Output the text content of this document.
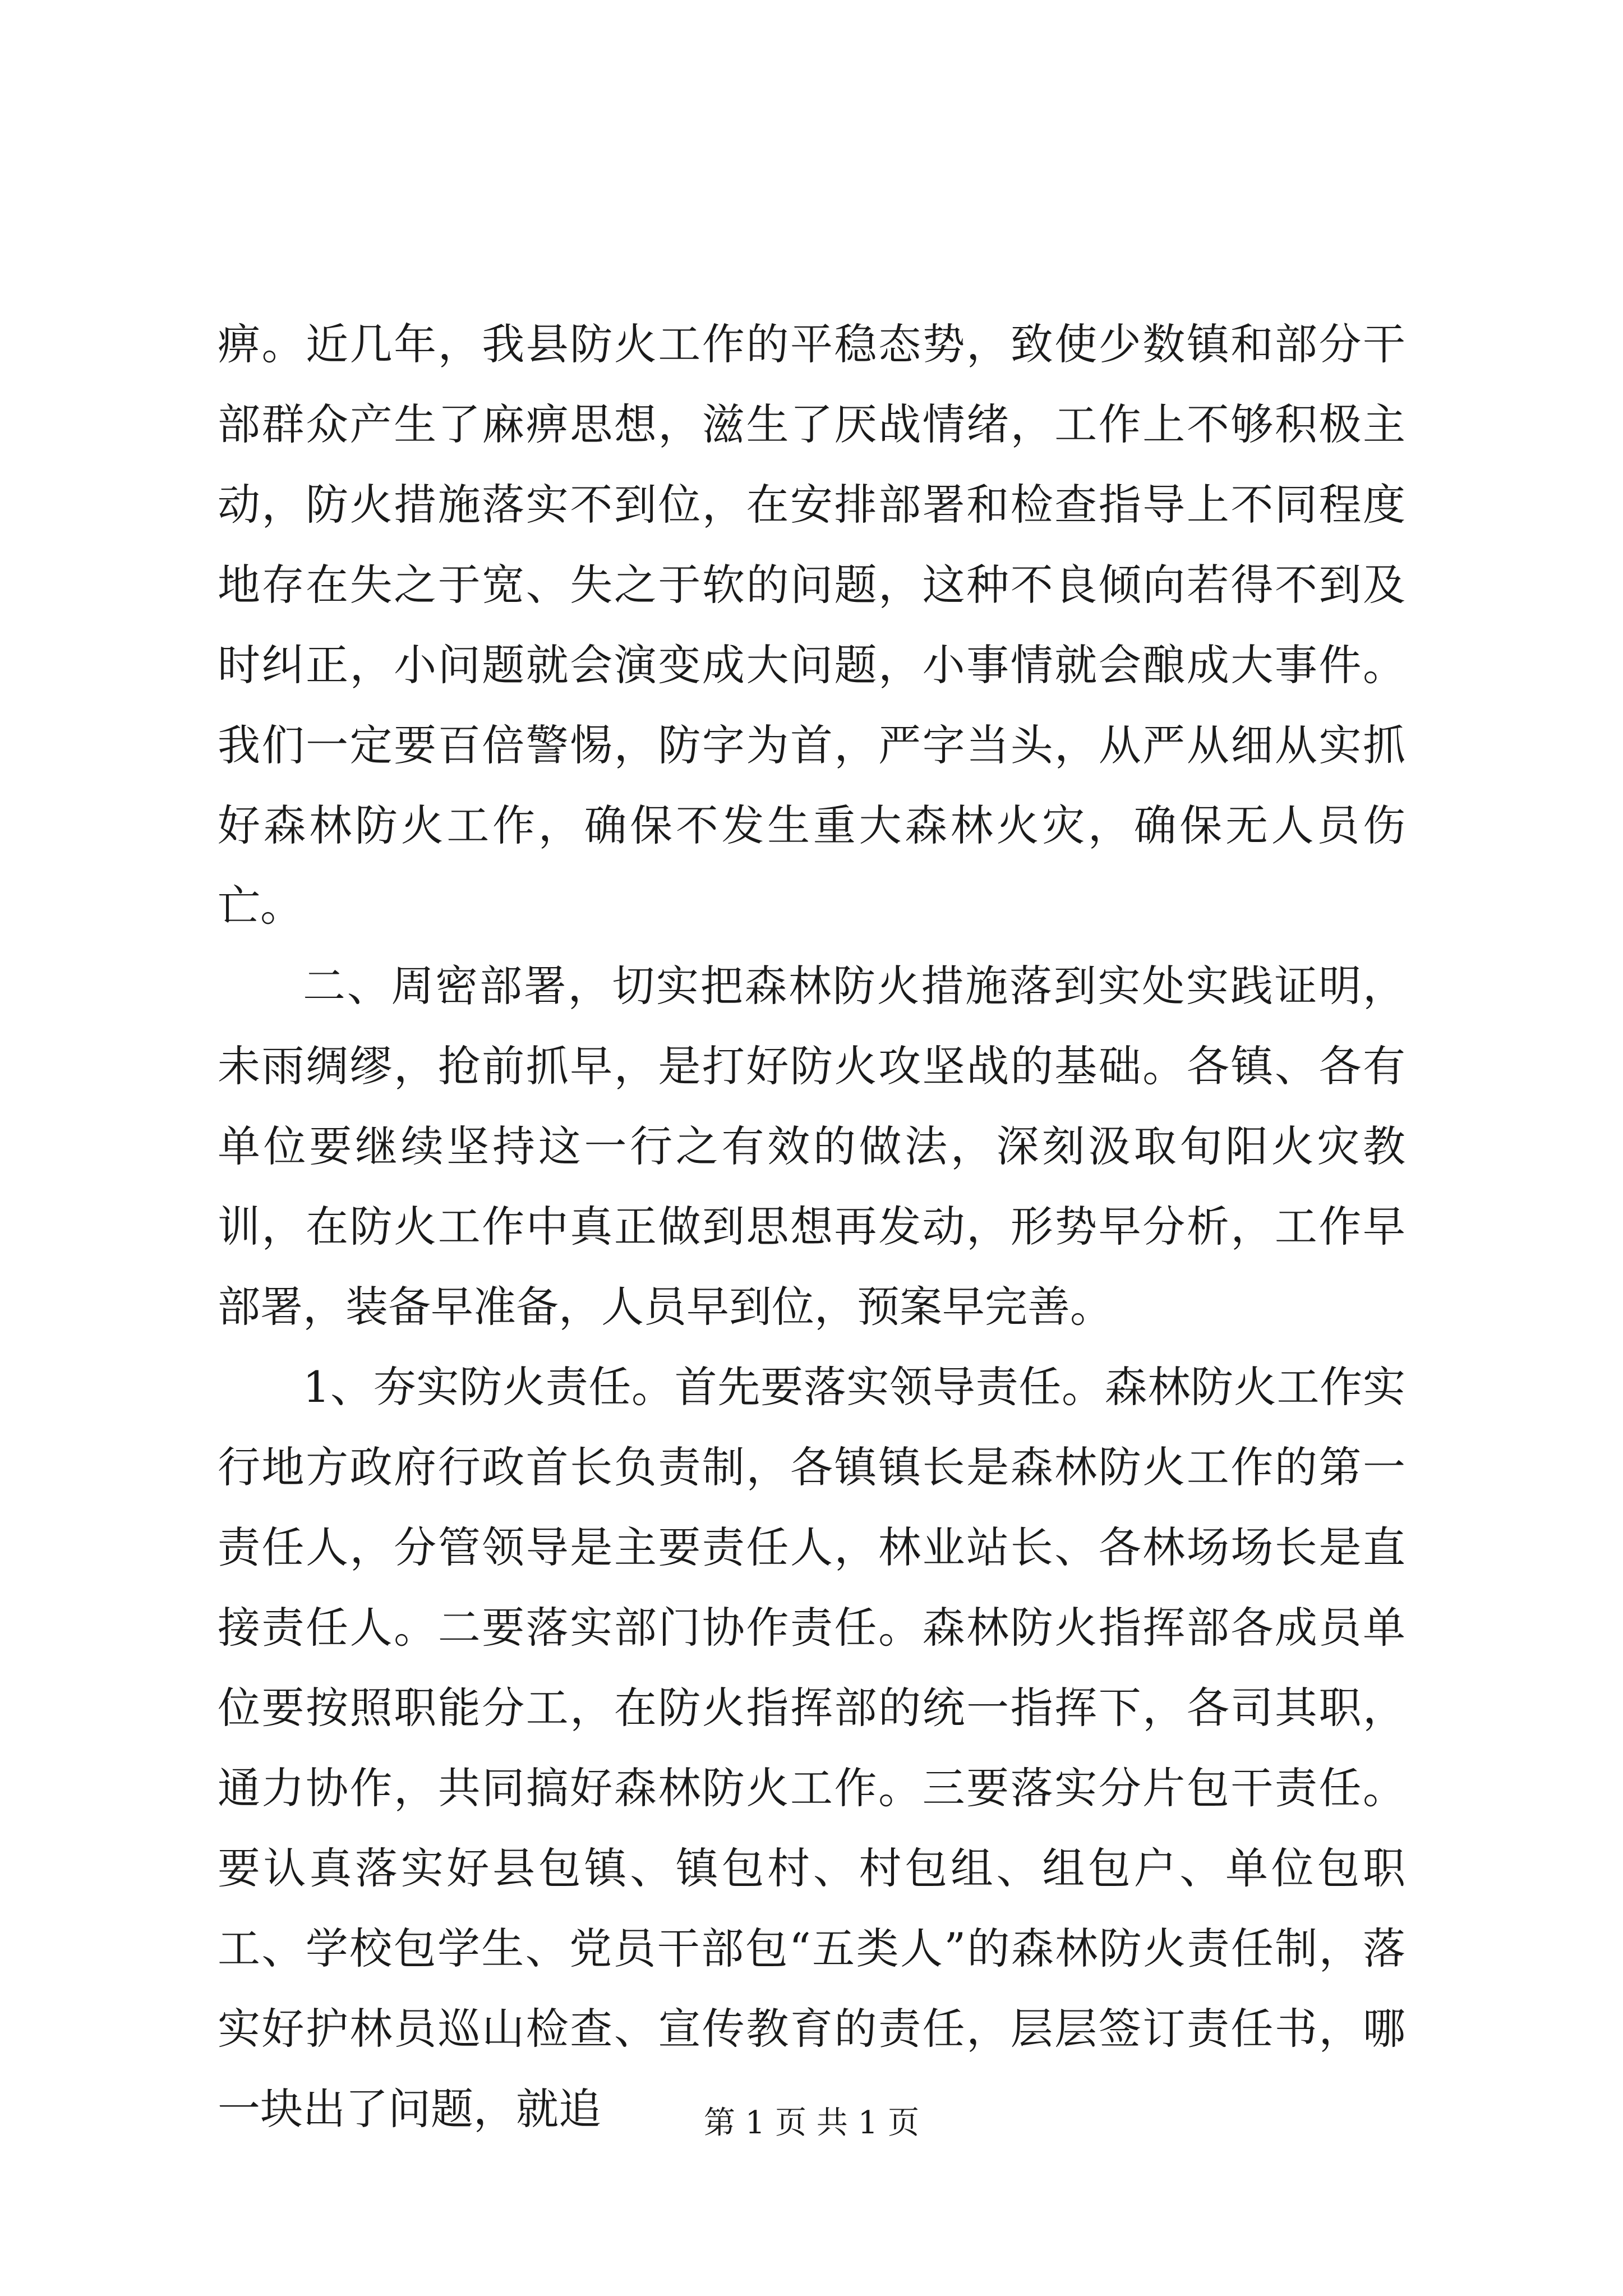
痹。近几年，我县防火工作的平稳态势，致使少数镇和部分干部群众产生了麻痹思想，滋生了厌战情绪，工作上不够积极主动，防火措施落实不到位，在安排部署和检查指导上不同程度地存在失之于宽、失之于软的问题，这种不良倾向若得不到及时纠正，小问题就会演变成大问题，小事情就会酿成大事件。我们一定要百倍警惕，防字为首，严字当头，从严从细从实抓好森林防火工作，确保不发生重大森林火灾，确保无人员伤亡。

二、周密部署，切实把森林防火措施落到实处实践证明，未雨绸缪，抢前抓早，是打好防火攻坚战的基础。各镇、各有单位要继续坚持这一行之有效的做法，深刻汲取旬阳火灾教训，在防火工作中真正做到思想再发动，形势早分析，工作早部署，装备早准备，人员早到位，预案早完善。

1、夯实防火责任。首先要落实领导责任。森林防火工作实行地方政府行政首长负责制，各镇镇长是森林防火工作的第一责任人，分管领导是主要责任人，林业站长、各林场场长是直接责任人。二要落实部门协作责任。森林防火指挥部各成员单位要按照职能分工，在防火指挥部的统一指挥下，各司其职，通力协作，共同搞好森林防火工作。三要落实分片包干责任。要认真落实好县包镇、镇包村、村包组、组包户、单位包职工、学校包学生、党员干部包“五类人”的森林防火责任制，落实好护林员巡山检查、宣传教育的责任，层层签订责任书，哪一块出了问题，就追	第 1 页 共 1 页
